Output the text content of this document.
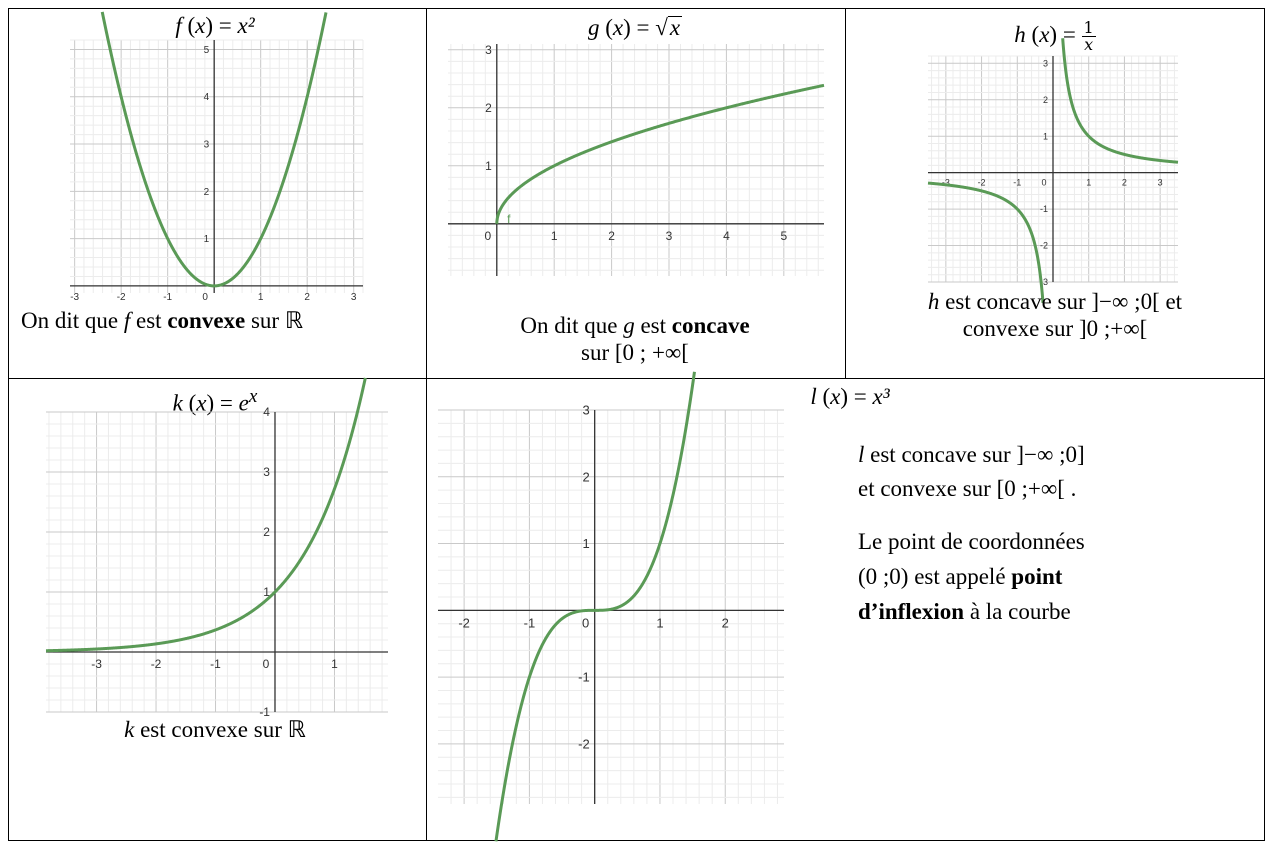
f (x) = x²
-3	-2	-1	0	1	2	3
1
2
3
4
5
On dit que f est convexe sur ℝ
g (x) = √x
0	1	2	3	4	5
1
2
3
f
On dit que g est concave
sur [0 ; +∞[
h $(x) = \frac{1}{x}$
-3	-2	-1 0	1	2	3
-3
-2
-1
1
2
3
h est concave sur ]−∞ ;0[ et
convexe sur ]0 ;+∞[
k $(x) = e^x$
-3	-2	-1	0	1
-1
1
2
3
4
k est convexe sur ℝ
l (x) = x³
-2	-1	0	1	2
-2
-1
1
2
3
l est concave sur ]−∞ ;0]
et convexe sur [0 ;+∞[ .
Le point de coordonnées
(0 ;0) est appelé point
d’inflexion à la courbe
